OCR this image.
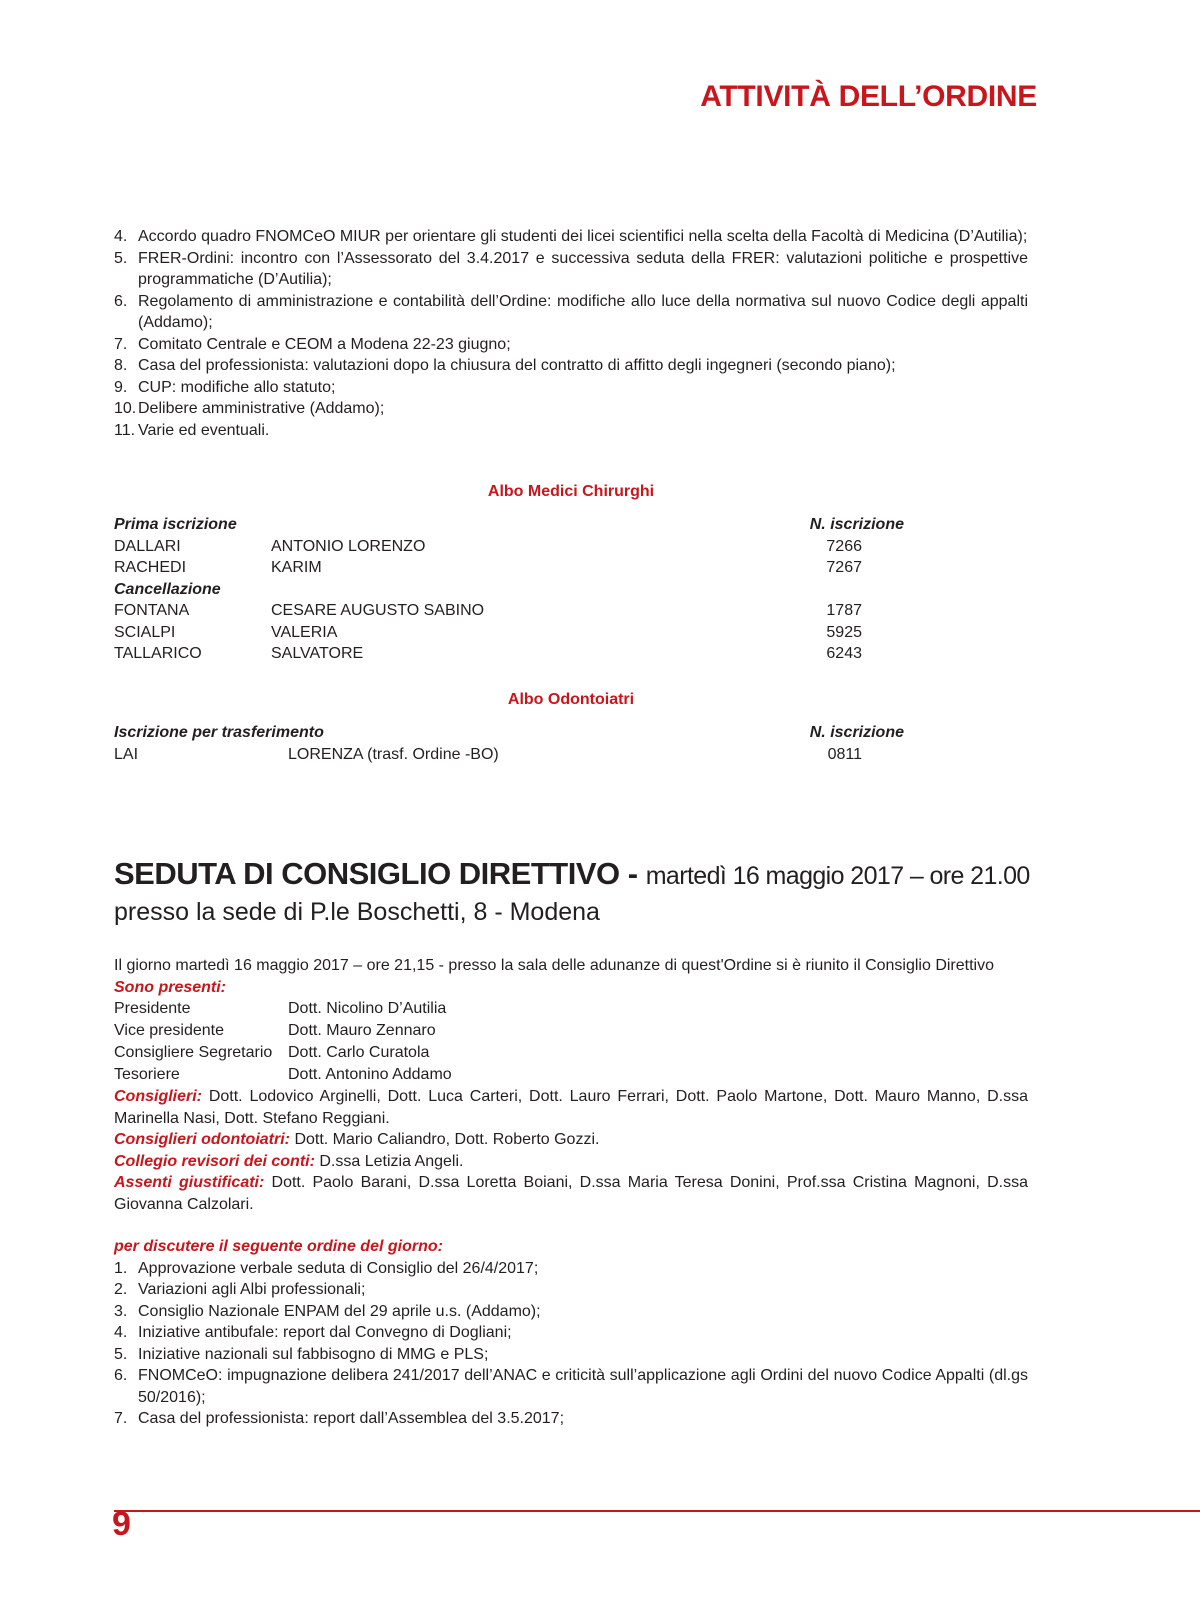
ATTIVITÀ DELL’ORDINE
4. Accordo quadro FNOMCeO MIUR per orientare gli studenti dei licei scientifici nella scelta della Facoltà di Medicina (D’Autilia);
5. FRER-Ordini: incontro con l’Assessorato del 3.4.2017 e successiva seduta della FRER: valutazioni politiche e prospettive programmatiche (D’Autilia);
6. Regolamento di amministrazione e contabilità dell’Ordine: modifiche allo luce della normativa sul nuovo Codice degli appalti (Addamo);
7. Comitato Centrale e CEOM a Modena 22-23 giugno;
8. Casa del professionista: valutazioni dopo la chiusura del contratto di affitto degli ingegneri (secondo piano);
9. CUP: modifiche allo statuto;
10. Delibere amministrative (Addamo);
11. Varie ed eventuali.
Albo Medici Chirurghi
Prima iscrizione	N. iscrizione
DALLARI	ANTONIO LORENZO	7266
RACHEDI	KARIM	7267
Cancellazione
FONTANA	CESARE AUGUSTO SABINO	1787
SCIALPI	VALERIA	5925
TALLARICO	SALVATORE	6243
Albo Odontoiatri
Iscrizione per trasferimento	N. iscrizione
LAI	LORENZA (trasf. Ordine -BO)	0811
SEDUTA DI CONSIGLIO DIRETTIVO - martedì 16 maggio 2017 – ore 21.00
presso la sede di P.le Boschetti, 8 - Modena
Il giorno martedì 16 maggio 2017 – ore 21,15 - presso la sala delle adunanze di quest'Ordine si è riunito il Consiglio Direttivo
Sono presenti:
Presidente	Dott. Nicolino D’Autilia
Vice presidente	Dott. Mauro Zennaro
Consigliere Segretario Dott. Carlo Curatola
Tesoriere	Dott. Antonino Addamo
Consiglieri: Dott. Lodovico Arginelli, Dott. Luca Carteri, Dott. Lauro Ferrari, Dott. Paolo Martone, Dott. Mauro Manno, D.ssa Marinella Nasi, Dott. Stefano Reggiani.
Consiglieri odontoiatri: Dott. Mario Caliandro, Dott. Roberto Gozzi.
Collegio revisori dei conti: D.ssa Letizia Angeli.
Assenti giustificati: Dott. Paolo Barani, D.ssa Loretta Boiani, D.ssa Maria Teresa Donini, Prof.ssa Cristina Magnoni, D.ssa Giovanna Calzolari.
per discutere il seguente ordine del giorno:
1. Approvazione verbale seduta di Consiglio del 26/4/2017;
2. Variazioni agli Albi professionali;
3. Consiglio Nazionale ENPAM del 29 aprile u.s. (Addamo);
4. Iniziative antibufale: report dal Convegno di Dogliani;
5. Iniziative nazionali sul fabbisogno di MMG e PLS;
6. FNOMCeO: impugnazione delibera 241/2017 dell’ANAC e criticità sull’applicazione agli Ordini del nuovo Codice Appalti (dl.gs 50/2016);
7. Casa del professionista: report dall’Assemblea del 3.5.2017;
9
